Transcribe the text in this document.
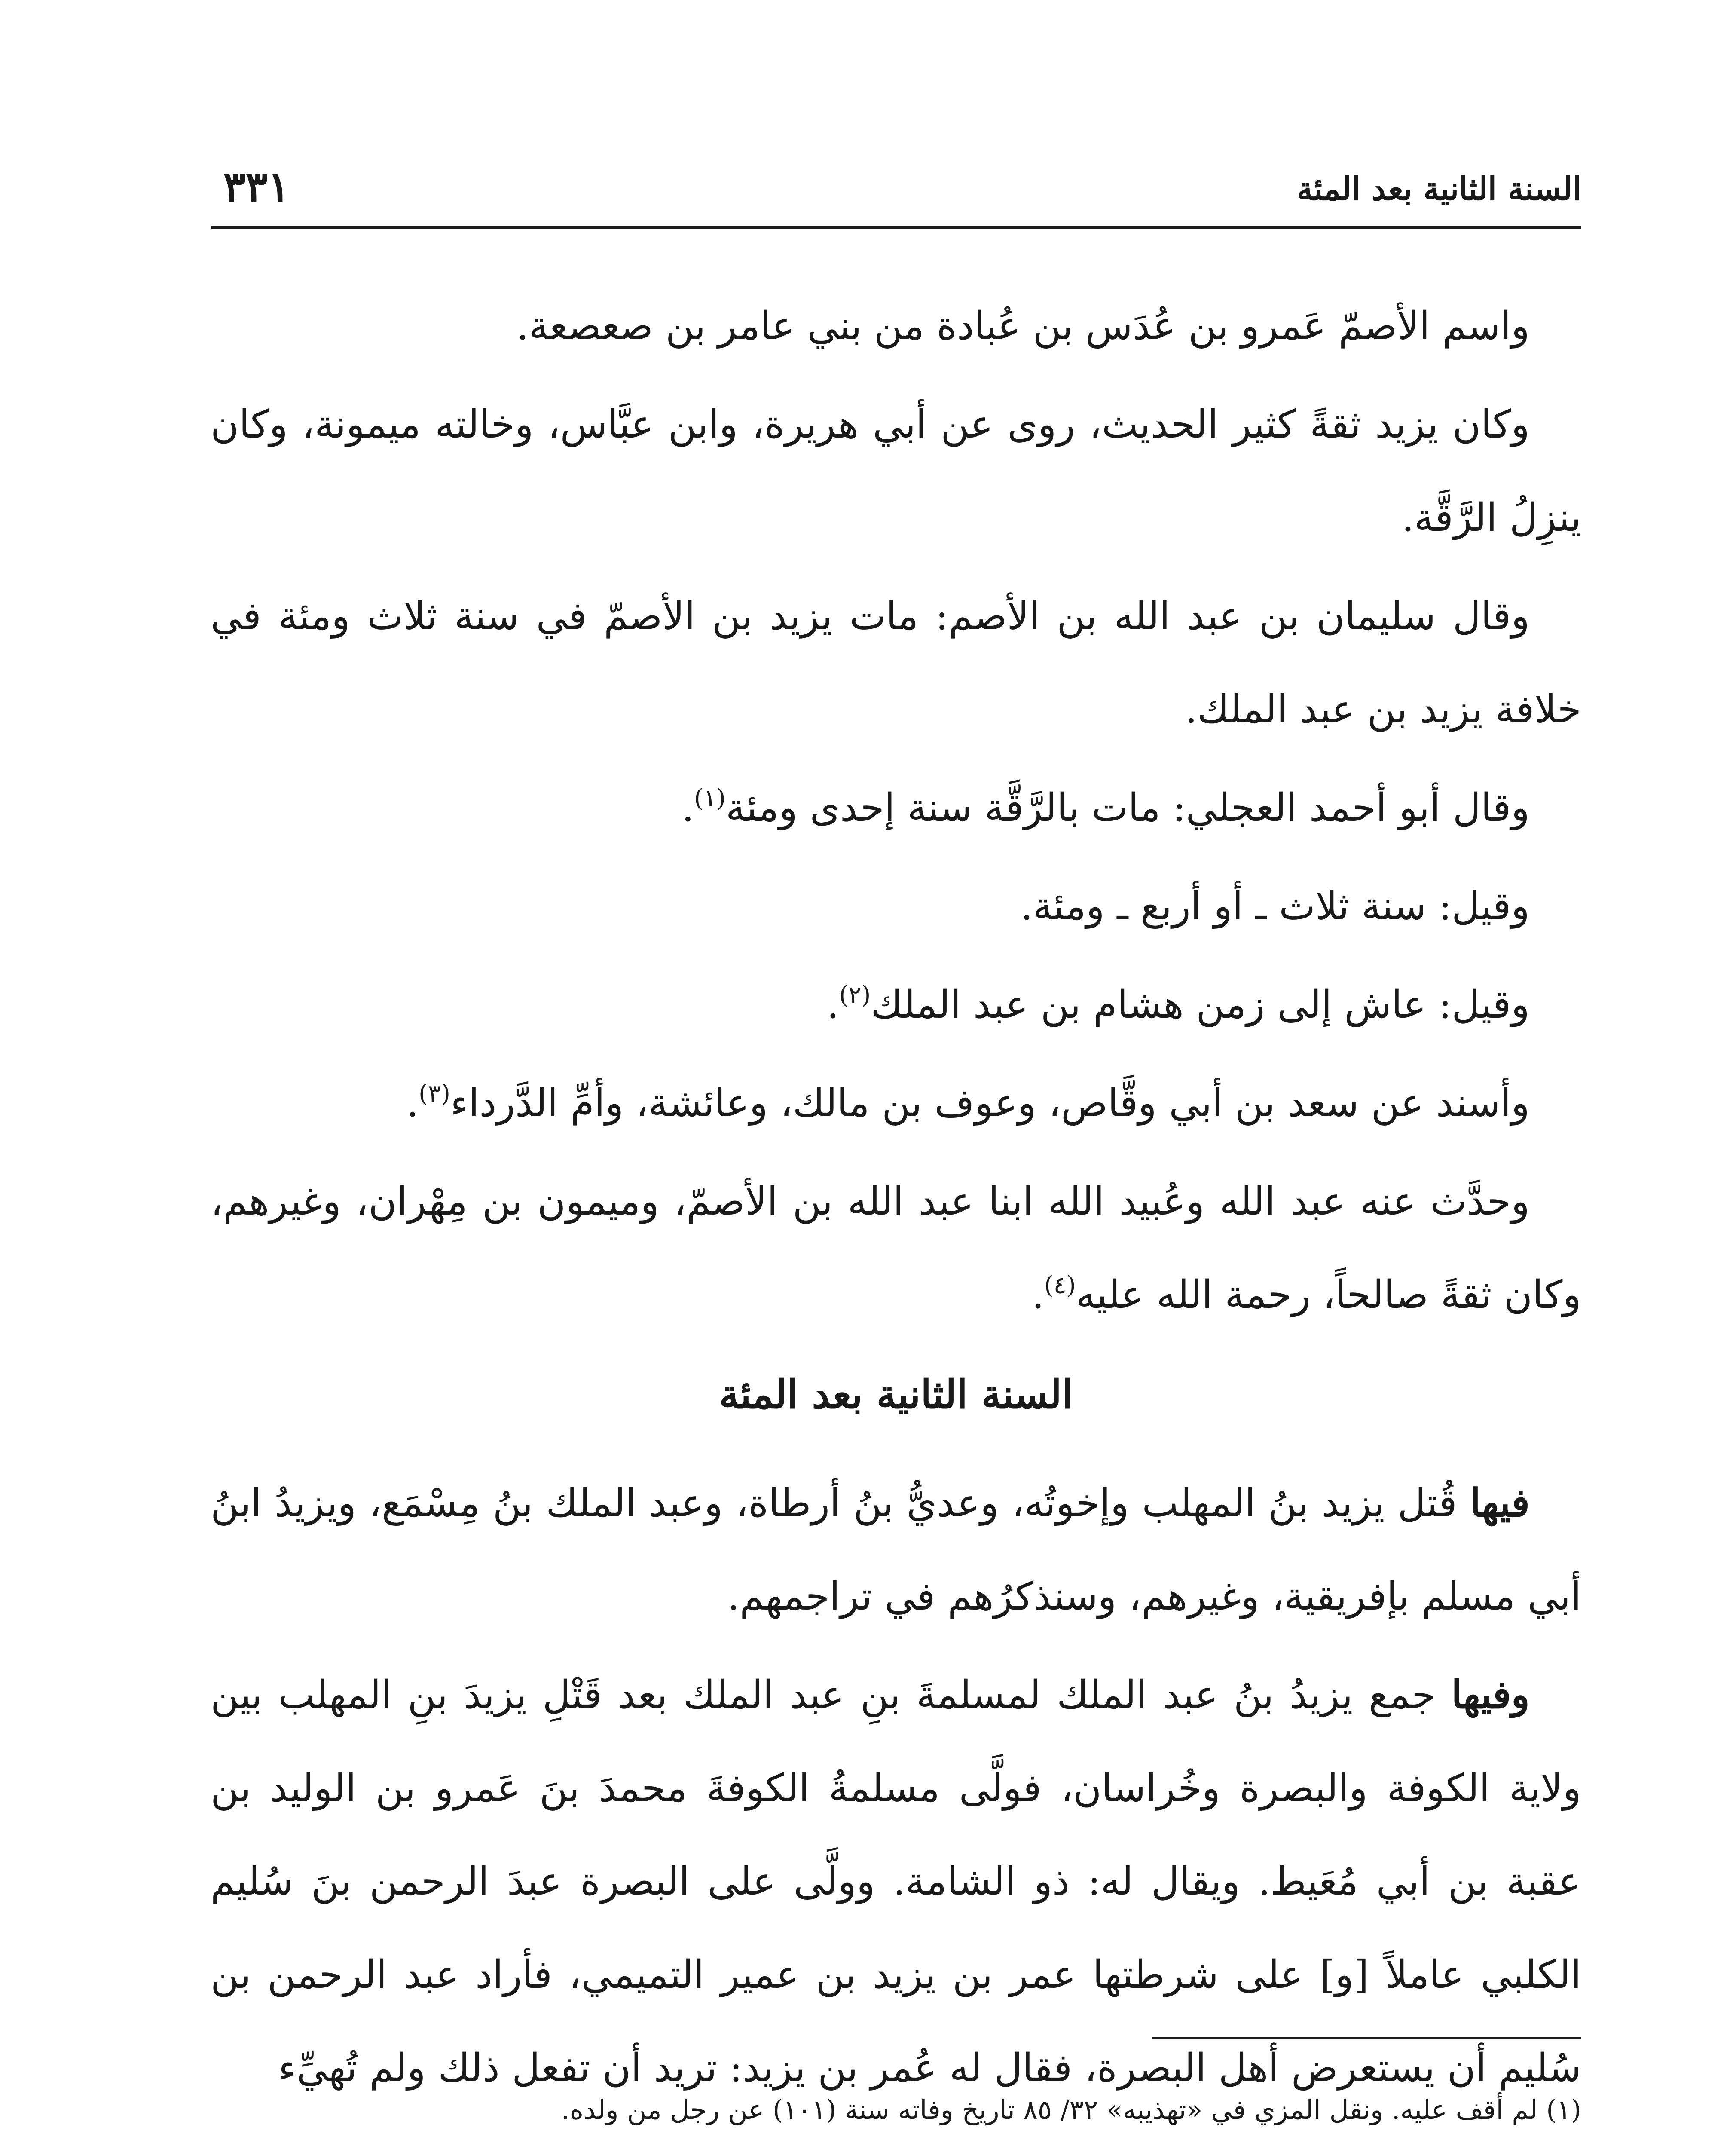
السنة الثانية بعد المئة
٣٣١

واسم الأصمّ عَمرو بن عُدَس بن عُبادة من بني عامر بن صعصعة.

وكان يزيد ثقةً كثير الحديث، روى عن أبي هريرة، وابن عبَّاس، وخالته ميمونة، وكان ينزِلُ الرَّقَّة.

وقال سليمان بن عبد الله بن الأصم: مات يزيد بن الأصمّ في سنة ثلاث ومئة في خلافة يزيد بن عبد الملك.

وقال أبو أحمد العجلي: مات بالرَّقَّة سنة إحدى ومئة$^{(١)}$.

وقيل: سنة ثلاث ـ أو أربع ـ ومئة.

وقيل: عاش إلى زمن هشام بن عبد الملك$^{(٢)}$.

وأسند عن سعد بن أبي وقَّاص، وعوف بن مالك، وعائشة، وأمِّ الدَّرداء$^{(٣)}$.

وحدَّث عنه عبد الله وعُبيد الله ابنا عبد الله بن الأصمّ، وميمون بن مِهْران، وغيرهم، وكان ثقةً صالحاً، رحمة الله عليه$^{(٤)}$.

السنة الثانية بعد المئة

فيها قُتل يزيد بنُ المهلب وإخوتُه، وعديُّ بنُ أرطاة، وعبد الملك بنُ مِسْمَع، ويزيدُ ابنُ أبي مسلم بإفريقية، وغيرهم، وسنذكرُهم في تراجمهم.

وفيها جمع يزيدُ بنُ عبد الملك لمسلمةَ بنِ عبد الملك بعد قَتْلِ يزيدَ بنِ المهلب بين ولاية الكوفة والبصرة وخُراسان، فولَّى مسلمةُ الكوفةَ محمدَ بنَ عَمرو بن الوليد بن عقبة بن أبي مُعَيط. ويقال له: ذو الشامة. وولَّى على البصرة عبدَ الرحمن بنَ سُليم الكلبي عاملاً [و] على شرطتها عمر بن يزيد بن عمير التميمي، فأراد عبد الرحمن بن سُليم أن يستعرض أهل البصرة، فقال له عُمر بن يزيد: تريد أن تفعل ذلك ولم تُهيِّء

(١) لم أقف عليه. ونقل المزي في «تهذيبه» ٣٢/ ٨٥ تاريخ وفاته سنة (١٠١) عن رجل من ولده.
